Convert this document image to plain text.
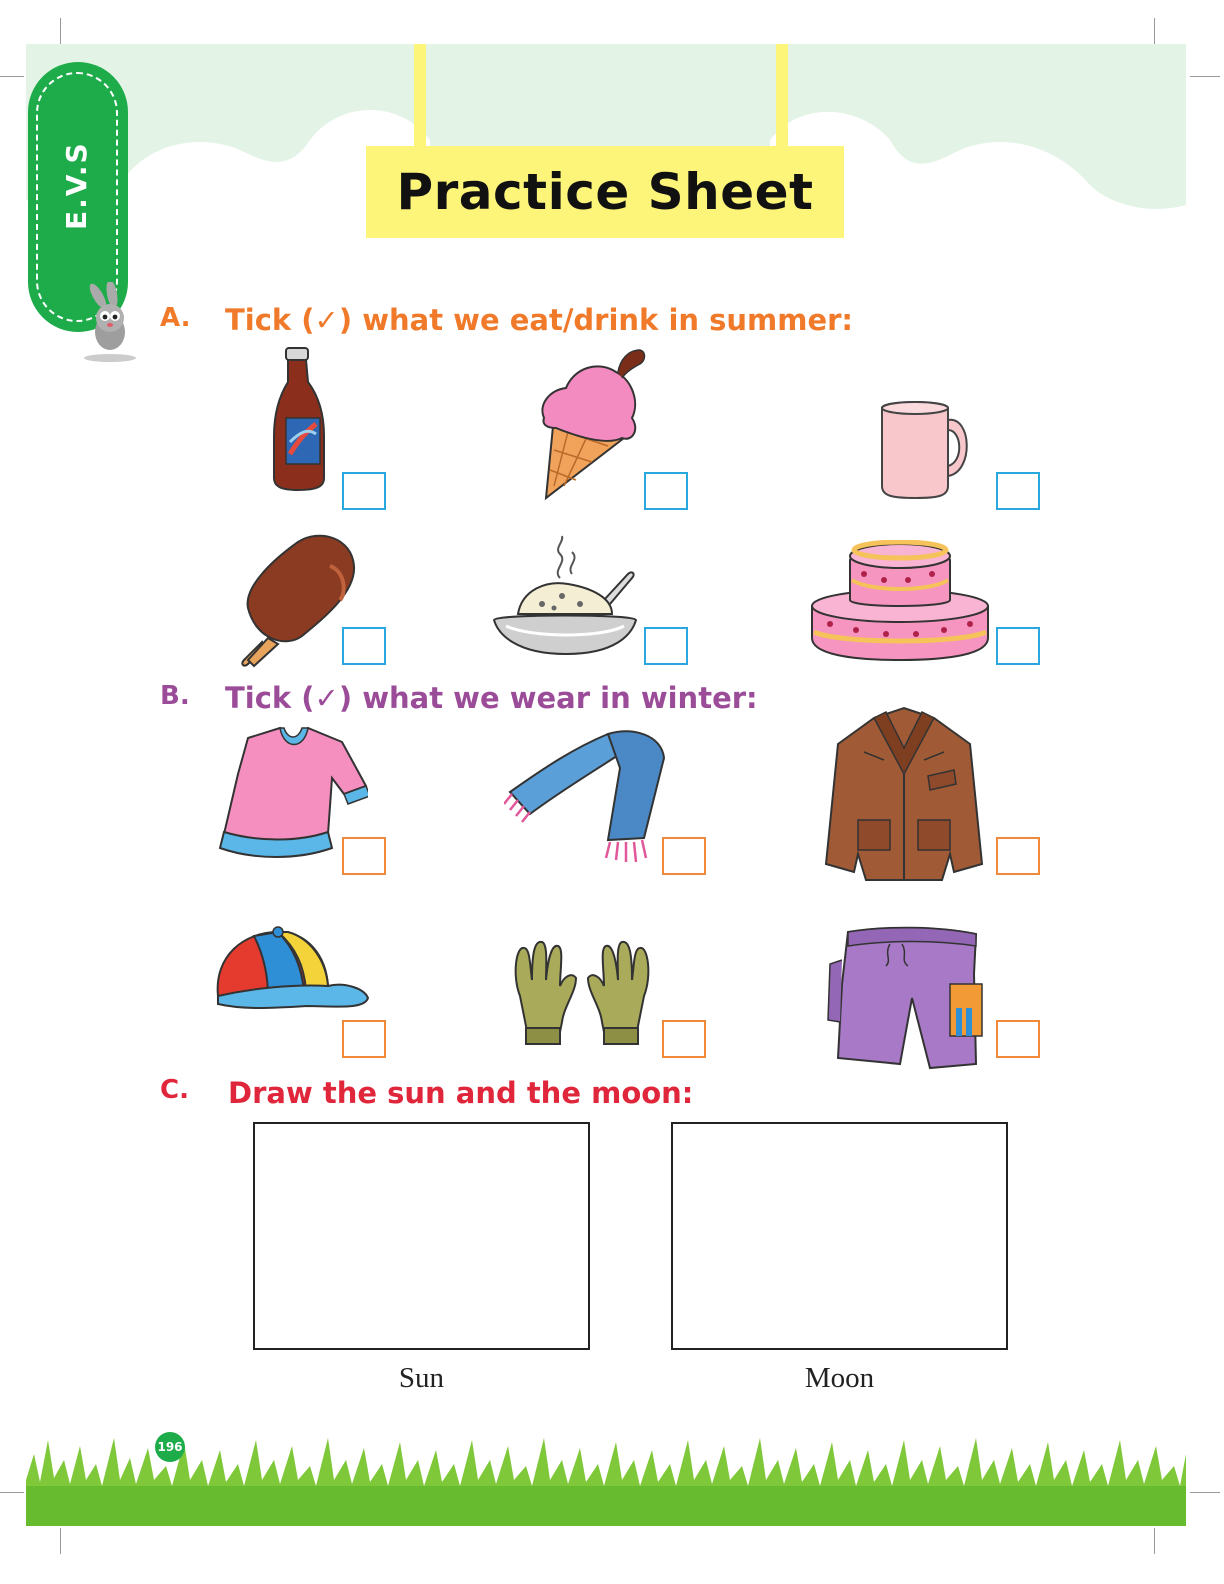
E.V.S	Practice Sheet
A. Tick (✓) what we eat/drink in summer:
B. Tick (✓) what we wear in winter:
C. Draw the sun and the moon:
Sun	Moon
196
